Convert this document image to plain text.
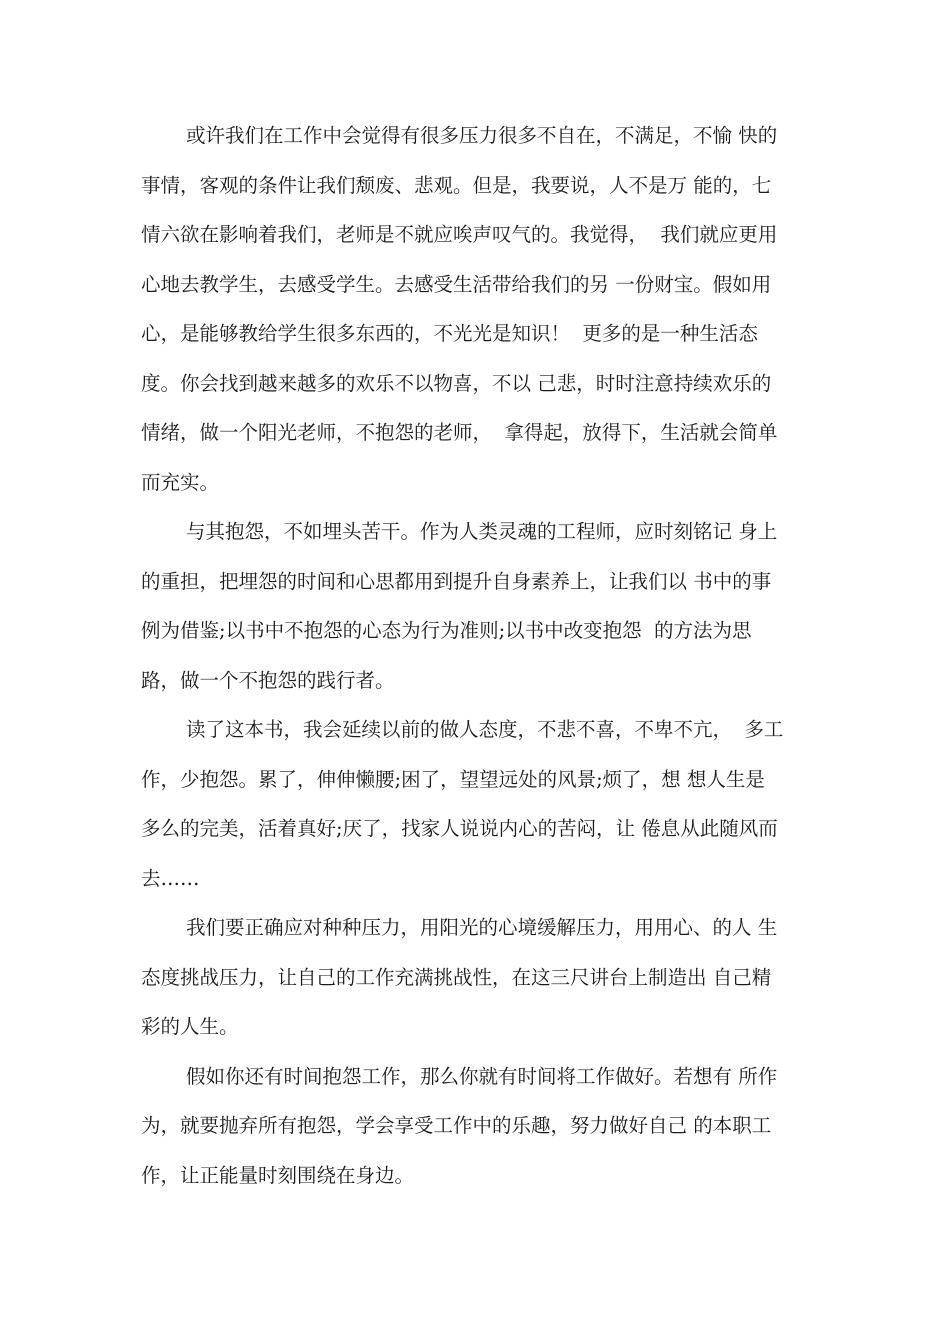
或许我们在工作中会觉得有很多压力很多不自在，不满足，不愉 快的
事情，客观的条件让我们颓废、悲观。但是，我要说，人不是万 能的，七
情六欲在影响着我们，老师是不就应唉声叹气的。我觉得，  我们就应更用
心地去教学生，去感受学生。去感受生活带给我们的另 一份财宝。假如用
心，是能够教给学生很多东西的，不光光是知识！  更多的是一种生活态
度。你会找到越来越多的欢乐不以物喜，不以 己悲，时时注意持续欢乐的
情绪，做一个阳光老师，不抱怨的老师，  拿得起，放得下，生活就会简单
而充实。
与其抱怨，不如埋头苦干。作为人类灵魂的工程师，应时刻铭记 身上
的重担，把埋怨的时间和心思都用到提升自身素养上，让我们以 书中的事
例为借鉴;以书中不抱怨的心态为行为准则;以书中改变抱怨  的方法为思
路，做一个不抱怨的践行者。
读了这本书，我会延续以前的做人态度，不悲不喜，不卑不亢，  多工
作，少抱怨。累了，伸伸懒腰;困了，望望远处的风景;烦了，想 想人生是
多么的完美，活着真好;厌了，找家人说说内心的苦闷，让 倦息从此随风而
去……
我们要正确应对种种压力，用阳光的心境缓解压力，用用心、的人 生
态度挑战压力，让自己的工作充满挑战性，在这三尺讲台上制造出 自己精
彩的人生。
假如你还有时间抱怨工作，那么你就有时间将工作做好。若想有 所作
为，就要抛弃所有抱怨，学会享受工作中的乐趣，努力做好自己 的本职工
作，让正能量时刻围绕在身边。
